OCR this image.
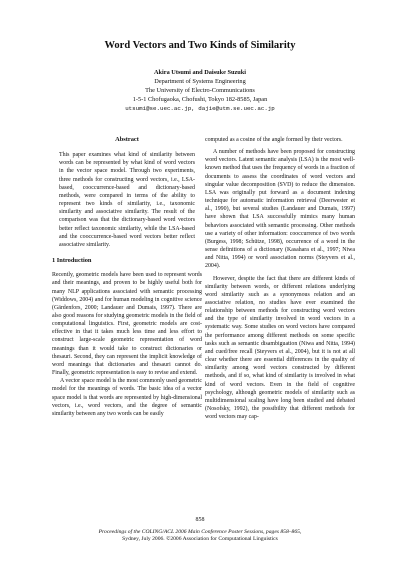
Word Vectors and Two Kinds of Similarity
Akira Utsumi and Daisuke Suzuki
Department of Systems Engineering
The University of Electro-Communications
1-5-1 Chofugaoka, Chofushi, Tokyo 182-8585, Japan
utsumi@se.uec.ac.jp, dajie@utm.se.uec.ac.jp
Abstract

This paper examines what kind of similarity between words can be represented by what kind of word vectors in the vector space model. Through two experiments, three methods for constructing word vectors, i.e., LSA-based, cooccurrence-based and dictionary-based methods, were compared in terms of the ability to represent two kinds of similarity, i.e., taxonomic similarity and associative similarity. The result of the comparison was that the dictionary-based word vectors better reflect taxonomic similarity, while the LSA-based and the cooccurrence-based word vectors better reflect associative similarity.

1 Introduction

Recently, geometric models have been used to represent words and their meanings, and proven to be highly useful both for many NLP applications associated with semantic processing (Widdows, 2004) and for human modeling in cognitive science (Gärdenfors, 2000; Landauer and Dumais, 1997). There are also good reasons for studying geometric models in the field of computational linguistics. First, geometric models are cost-effective in that it takes much less time and less effort to construct large-scale geometric representation of word meanings than it would take to construct dictionaries or thesauri. Second, they can represent the implicit knowledge of word meanings that dictionaries and thesauri cannot do. Finally, geometric representation is easy to revise and extend.

A vector space model is the most commonly used geometric model for the meanings of words. The basic idea of a vector space model is that words are represented by high-dimensional vectors, i.e., word vectors, and the degree of semantic similarity between any two words can be easily

computed as a cosine of the angle formed by their vectors.

A number of methods have been proposed for constructing word vectors. Latent semantic analysis (LSA) is the most well-known method that uses the frequency of words in a fraction of documents to assess the coordinates of word vectors and singular value decomposition (SVD) to reduce the dimension. LSA was originally put forward as a document indexing technique for automatic information retrieval (Deerwester et al., 1990), but several studies (Landauer and Dumais, 1997) have shown that LSA successfully mimics many human behaviors associated with semantic processing. Other methods use a variety of other information: cooccurrence of two words (Burgess, 1998; Schütze, 1998), occurrence of a word in the sense definitions of a dictionary (Kasahara et al., 1997; Niwa and Nitta, 1994) or word association norms (Steyvers et al., 2004).

However, despite the fact that there are different kinds of similarity between words, or different relations underlying word similarity such as a synonymous relation and an associative relation, no studies have ever examined the relationship between methods for constructing word vectors and the type of similarity involved in word vectors in a systematic way. Some studies on word vectors have compared the performance among different methods on some specific tasks such as semantic disambiguation (Niwa and Nitta, 1994) and cued/free recall (Steyvers et al., 2004), but it is not at all clear whether there are essential differences in the quality of similarity among word vectors constructed by different methods, and if so, what kind of similarity is involved in what kind of word vectors. Even in the field of cognitive psychology, although geometric models of similarity such as multidimensional scaling have long been studied and debated (Nosofsky, 1992), the possibility that different methods for word vectors may cap-

858
Proceedings of the COLING/ACL 2006 Main Conference Poster Sessions, pages 858–865,
Sydney, July 2006. ©2006 Association for Computational Linguistics
